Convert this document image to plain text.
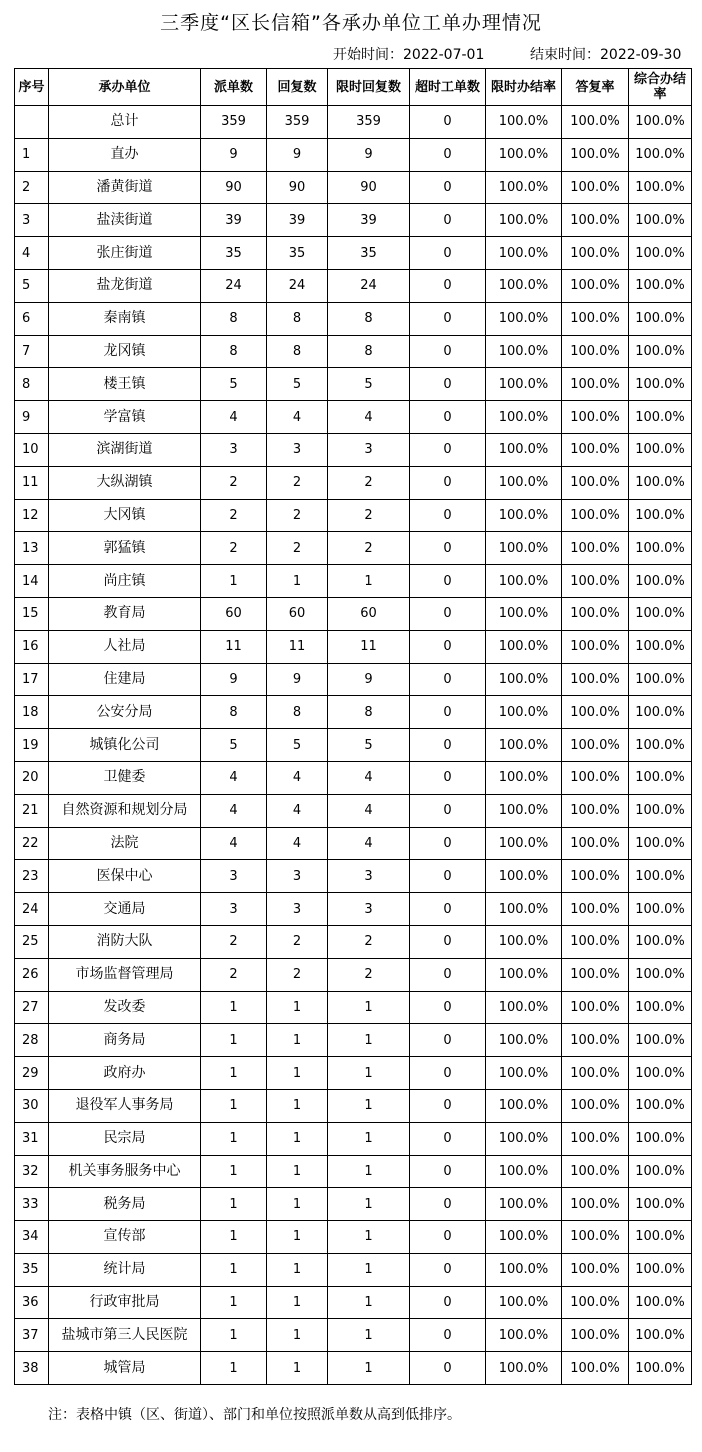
三季度“区长信箱”各承办单位工单办理情况
开始时间：2022-07-01	结束时间：2022-09-30
序号	承办单位	派单数	回复数	限时回复数	超时工单数	限时办结率	答复率	综合办结率
	总计	359	359	359	0	100.0%	100.0%	100.0%
1	直办	9	9	9	0	100.0%	100.0%	100.0%
2	潘黄街道	90	90	90	0	100.0%	100.0%	100.0%
3	盐渎街道	39	39	39	0	100.0%	100.0%	100.0%
4	张庄街道	35	35	35	0	100.0%	100.0%	100.0%
5	盐龙街道	24	24	24	0	100.0%	100.0%	100.0%
6	秦南镇	8	8	8	0	100.0%	100.0%	100.0%
7	龙冈镇	8	8	8	0	100.0%	100.0%	100.0%
8	楼王镇	5	5	5	0	100.0%	100.0%	100.0%
9	学富镇	4	4	4	0	100.0%	100.0%	100.0%
10	滨湖街道	3	3	3	0	100.0%	100.0%	100.0%
11	大纵湖镇	2	2	2	0	100.0%	100.0%	100.0%
12	大冈镇	2	2	2	0	100.0%	100.0%	100.0%
13	郭猛镇	2	2	2	0	100.0%	100.0%	100.0%
14	尚庄镇	1	1	1	0	100.0%	100.0%	100.0%
15	教育局	60	60	60	0	100.0%	100.0%	100.0%
16	人社局	11	11	11	0	100.0%	100.0%	100.0%
17	住建局	9	9	9	0	100.0%	100.0%	100.0%
18	公安分局	8	8	8	0	100.0%	100.0%	100.0%
19	城镇化公司	5	5	5	0	100.0%	100.0%	100.0%
20	卫健委	4	4	4	0	100.0%	100.0%	100.0%
21	自然资源和规划分局	4	4	4	0	100.0%	100.0%	100.0%
22	法院	4	4	4	0	100.0%	100.0%	100.0%
23	医保中心	3	3	3	0	100.0%	100.0%	100.0%
24	交通局	3	3	3	0	100.0%	100.0%	100.0%
25	消防大队	2	2	2	0	100.0%	100.0%	100.0%
26	市场监督管理局	2	2	2	0	100.0%	100.0%	100.0%
27	发改委	1	1	1	0	100.0%	100.0%	100.0%
28	商务局	1	1	1	0	100.0%	100.0%	100.0%
29	政府办	1	1	1	0	100.0%	100.0%	100.0%
30	退役军人事务局	1	1	1	0	100.0%	100.0%	100.0%
31	民宗局	1	1	1	0	100.0%	100.0%	100.0%
32	机关事务服务中心	1	1	1	0	100.0%	100.0%	100.0%
33	税务局	1	1	1	0	100.0%	100.0%	100.0%
34	宣传部	1	1	1	0	100.0%	100.0%	100.0%
35	统计局	1	1	1	0	100.0%	100.0%	100.0%
36	行政审批局	1	1	1	0	100.0%	100.0%	100.0%
37	盐城市第三人民医院	1	1	1	0	100.0%	100.0%	100.0%
38	城管局	1	1	1	0	100.0%	100.0%	100.0%
注：表格中镇（区、街道）、部门和单位按照派单数从高到低排序。
